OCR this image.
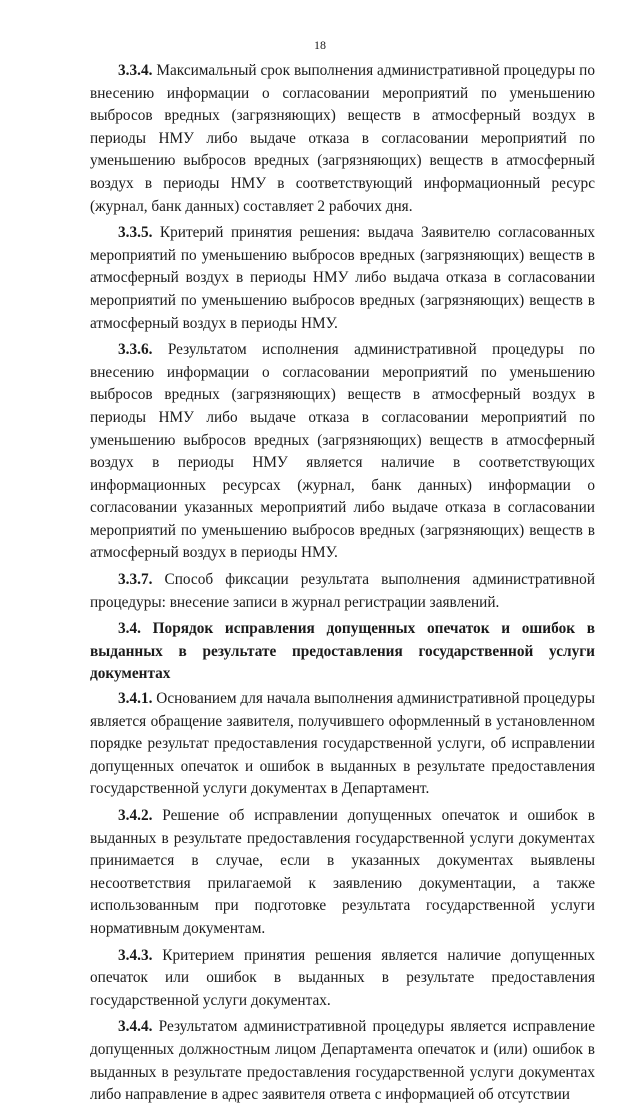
18

3.3.4. Максимальный срок выполнения административной процедуры по внесению информации о согласовании мероприятий по уменьшению выбросов вредных (загрязняющих) веществ в атмосферный воздух в периоды НМУ либо выдаче отказа в согласовании мероприятий по уменьшению выбросов вредных (загрязняющих) веществ в атмосферный воздух в периоды НМУ в соответствующий информационный ресурс (журнал, банк данных) составляет 2 рабочих дня.

3.3.5. Критерий принятия решения: выдача Заявителю согласованных мероприятий по уменьшению выбросов вредных (загрязняющих) веществ в атмосферный воздух в периоды НМУ либо выдача отказа в согласовании мероприятий по уменьшению выбросов вредных (загрязняющих) веществ в атмосферный воздух в периоды НМУ.

3.3.6. Результатом исполнения административной процедуры по внесению информации о согласовании мероприятий по уменьшению выбросов вредных (загрязняющих) веществ в атмосферный воздух в периоды НМУ либо выдаче отказа в согласовании мероприятий по уменьшению выбросов вредных (загрязняющих) веществ в атмосферный воздух в периоды НМУ является наличие в соответствующих информационных ресурсах (журнал, банк данных) информации о согласовании указанных мероприятий либо выдаче отказа в согласовании мероприятий по уменьшению выбросов вредных (загрязняющих) веществ в атмосферный воздух в периоды НМУ.

3.3.7. Способ фиксации результата выполнения административной процедуры: внесение записи в журнал регистрации заявлений.

3.4. Порядок исправления допущенных опечаток и ошибок в выданных в результате предоставления государственной услуги документах

3.4.1. Основанием для начала выполнения административной процедуры является обращение заявителя, получившего оформленный в установленном порядке результат предоставления государственной услуги, об исправлении допущенных опечаток и ошибок в выданных в результате предоставления государственной услуги документах в Департамент.

3.4.2. Решение об исправлении допущенных опечаток и ошибок в выданных в результате предоставления государственной услуги документах принимается в случае, если в указанных документах выявлены несоответствия прилагаемой к заявлению документации, а также использованным при подготовке результата государственной услуги нормативным документам.

3.4.3. Критерием принятия решения является наличие допущенных опечаток или ошибок в выданных в результате предоставления государственной услуги документах.

3.4.4. Результатом административной процедуры является исправление допущенных должностным лицом Департамента опечаток и (или) ошибок в выданных в результате предоставления государственной услуги документах либо направление в адрес заявителя ответа с информацией об отсутствии
